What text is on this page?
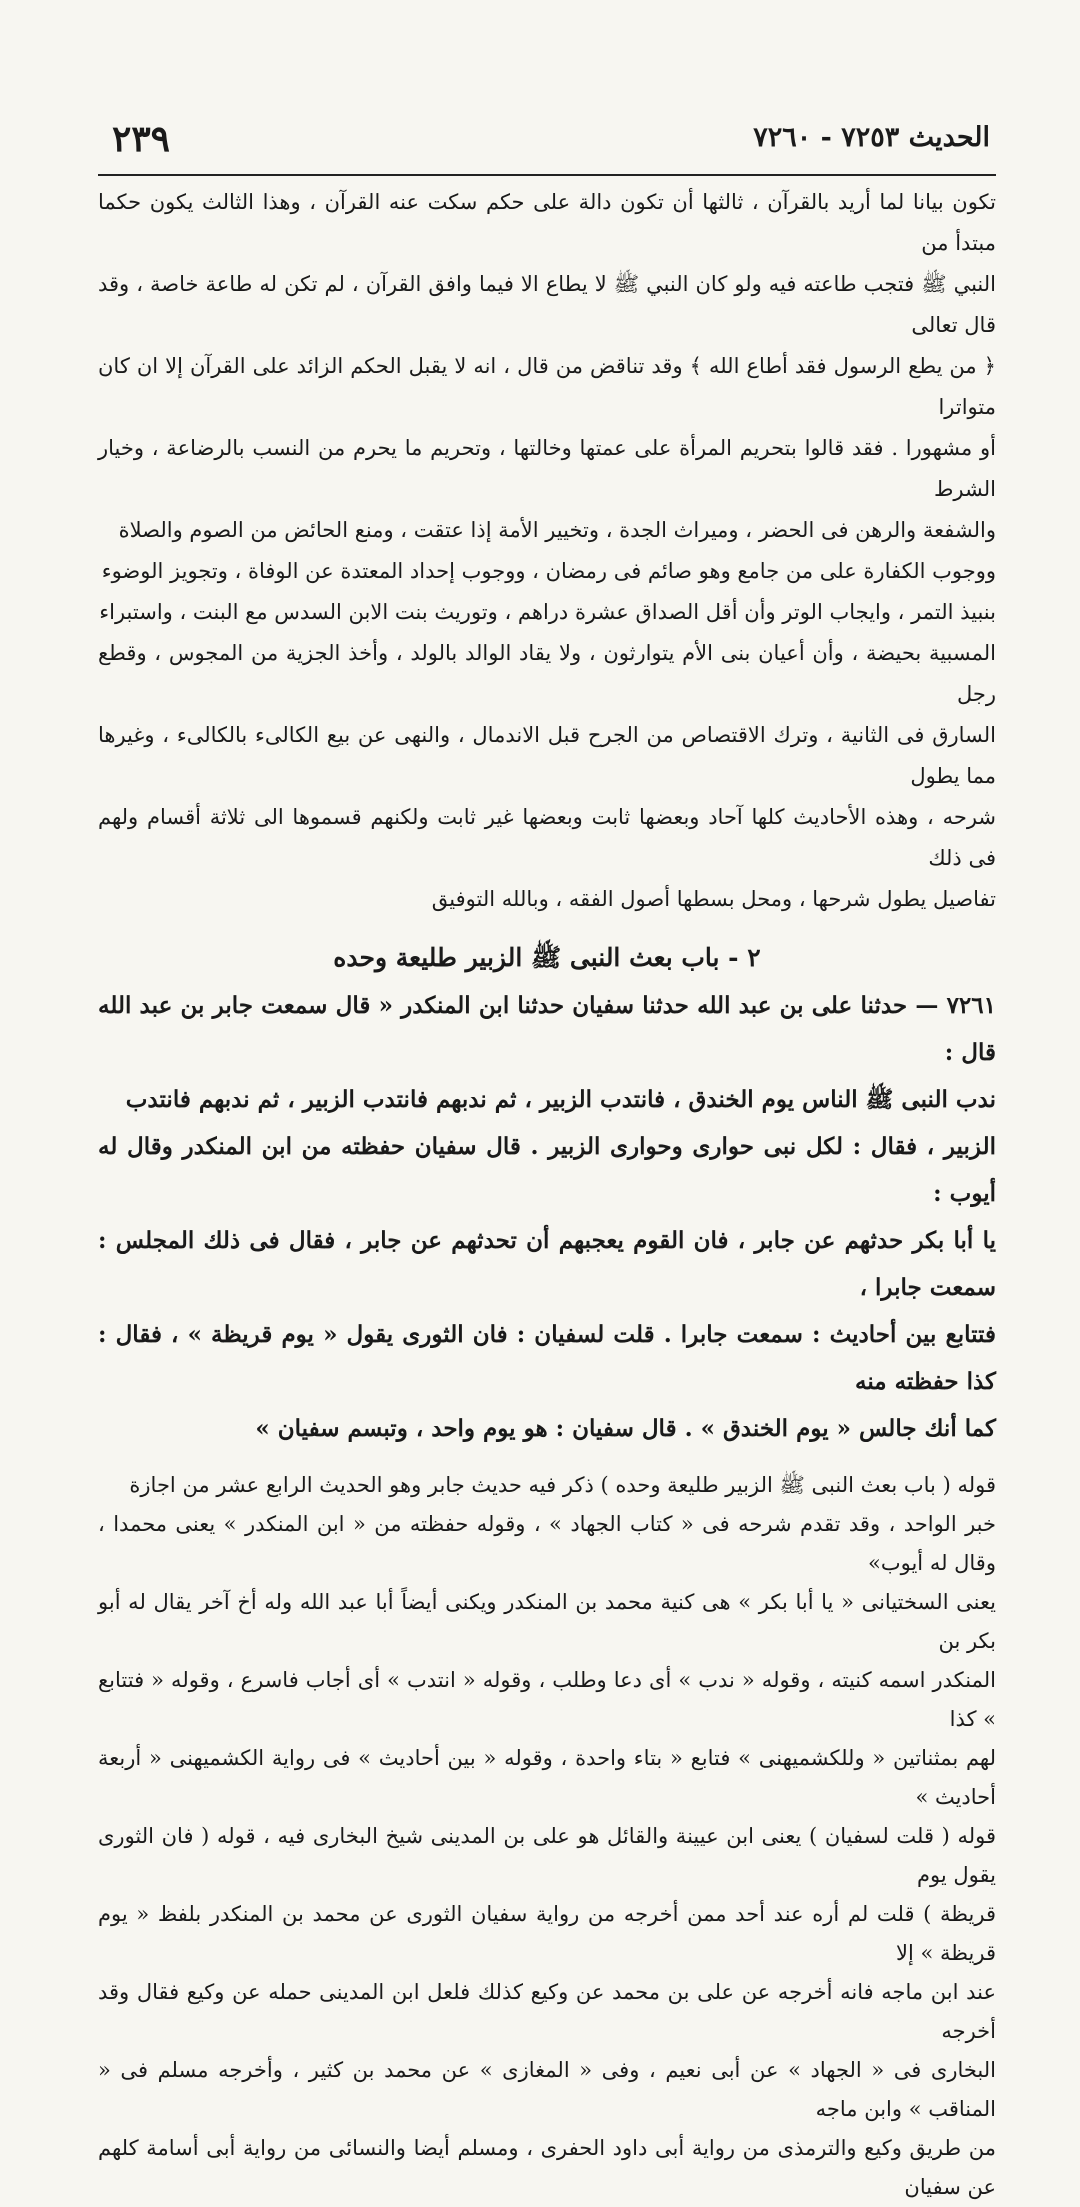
الحديث ٧٢٥٣ - ٧٢٦٠
٢٣٩

تكون بيانا لما أريد بالقرآن ، ثالثها أن تكون دالة على حكم سكت عنه القرآن ، وهذا الثالث يكون حكما مبتدأ من

النبي ﷺ فتجب طاعته فيه ولو كان النبي ﷺ لا يطاع الا فيما وافق القرآن ، لم تكن له طاعة خاصة ، وقد قال تعالى

﴿ من يطع الرسول فقد أطاع الله ﴾ وقد تناقض من قال ، انه لا يقبل الحكم الزائد على القرآن إلا ان كان متواترا

أو مشهورا . فقد قالوا بتحريم المرأة على عمتها وخالتها ، وتحريم ما يحرم من النسب بالرضاعة ، وخيار الشرط

والشفعة والرهن فى الحضر ، وميراث الجدة ، وتخيير الأمة إذا عتقت ، ومنع الحائض من الصوم والصلاة

ووجوب الكفارة على من جامع وهو صائم فى رمضان ، ووجوب إحداد المعتدة عن الوفاة ، وتجويز الوضوء

بنبيذ التمر ، وايجاب الوتر وأن أقل الصداق عشرة دراهم ، وتوريث بنت الابن السدس مع البنت ، واستبراء

المسبية بحيضة ، وأن أعيان بنى الأم يتوارثون ، ولا يقاد الوالد بالولد ، وأخذ الجزية من المجوس ، وقطع رجل

السارق فى الثانية ، وترك الاقتصاص من الجرح قبل الاندمال ، والنهى عن بيع الكالىء بالكالىء ، وغيرها مما يطول

شرحه ، وهذه الأحاديث كلها آحاد وبعضها ثابت وبعضها غير ثابت ولكنهم قسموها الى ثلاثة أقسام ولهم فى ذلك

تفاصيل يطول شرحها ، ومحل بسطها أصول الفقه ، وبالله التوفيق

٢ - باب بعث النبى ﷺ الزبير طليعة وحده

٧٢٦١ — حدثنا على بن عبد الله حدثنا سفيان حدثنا ابن المنكدر « قال سمعت جابر بن عبد الله قال :

ندب النبى ﷺ الناس يوم الخندق ، فانتدب الزبير ، ثم ندبهم فانتدب الزبير ، ثم ندبهم فانتدب

الزبير ، فقال : لكل نبى حوارى وحوارى الزبير . قال سفيان حفظته من ابن المنكدر وقال له أيوب :

يا أبا بكر حدثهم عن جابر ، فان القوم يعجبهم أن تحدثهم عن جابر ، فقال فى ذلك المجلس : سمعت جابرا ،

فتتابع بين أحاديث : سمعت جابرا . قلت لسفيان : فان الثورى يقول « يوم قريظة » ، فقال : كذا حفظته منه

كما أنك جالس « يوم الخندق » . قال سفيان : هو يوم واحد ، وتبسم سفيان »

قوله ( باب بعث النبى ﷺ الزبير طليعة وحده ) ذكر فيه حديث جابر وهو الحديث الرابع عشر من اجازة

خبر الواحد ، وقد تقدم شرحه فى « كتاب الجهاد » ، وقوله حفظته من « ابن المنكدر » يعنى محمدا ، وقال له أيوب»

يعنى السختيانى « يا أبا بكر » هى كنية محمد بن المنكدر ويكنى أيضاً أبا عبد الله وله أخ آخر يقال له أبو بكر بن

المنكدر اسمه كنيته ، وقوله « ندب » أى دعا وطلب ، وقوله « انتدب » أى أجاب فاسرع ، وقوله « فتتابع » كذا

لهم بمثناتين « وللكشميهنى » فتابع « بتاء واحدة ، وقوله « بين أحاديث » فى رواية الكشميهنى « أربعة أحاديث »

قوله ( قلت لسفيان ) يعنى ابن عيينة والقائل هو على بن المدينى شيخ البخارى فيه ، قوله ( فان الثورى يقول يوم

قريظة ) قلت لم أره عند أحد ممن أخرجه من رواية سفيان الثورى عن محمد بن المنكدر بلفظ « يوم قريظة » إلا

عند ابن ماجه فانه أخرجه عن على بن محمد عن وكيع كذلك فلعل ابن المدينى حمله عن وكيع فقال وقد أخرجه

البخارى فى « الجهاد » عن أبى نعيم ، وفى « المغازى » عن محمد بن كثير ، وأخرجه مسلم فى « المناقب » وابن ماجه

من طريق وكيع والترمذى من رواية أبى داود الحفرى ، ومسلم أيضا والنسائى من رواية أبى أسامة كلهم عن سفيان
